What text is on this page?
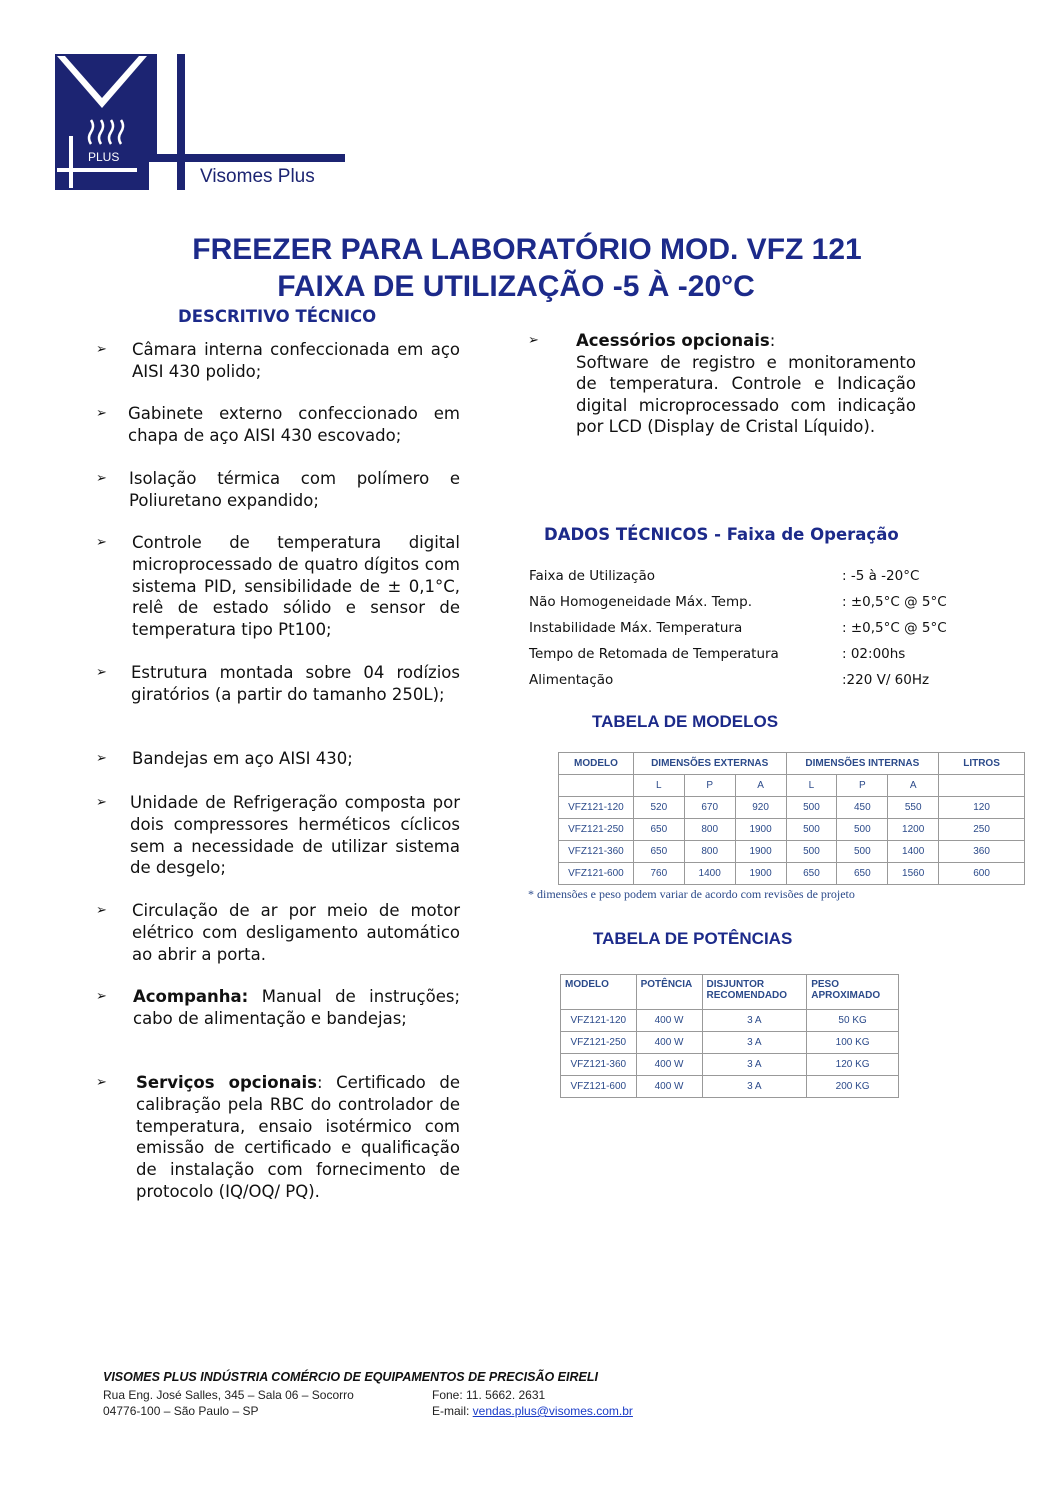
PLUS
Visomes Plus
FREEZER PARA LABORATÓRIO MOD. VFZ 121
FAIXA DE UTILIZAÇÃO -5 À -20°C
DESCRITIVO TÉCNICO
➢ Câmara interna confeccionada em aço AISI 430 polido;
➢ Gabinete externo confeccionado em chapa de aço AISI 430 escovado;
➢ Isolação térmica com polímero e Poliuretano expandido;
➢ Controle de temperatura digital microprocessado de quatro dígitos com sistema PID, sensibilidade de ± 0,1°C, relê de estado sólido e sensor de temperatura tipo Pt100;
➢ Estrutura montada sobre 04 rodízios giratórios (a partir do tamanho 250L);
➢ Bandejas em aço AISI 430;
➢ Unidade de Refrigeração composta por dois compressores herméticos cíclicos sem a necessidade de utilizar sistema de desgelo;
➢ Circulação de ar por meio de motor elétrico com desligamento automático ao abrir a porta.
➢ Acompanha: Manual de instruções; cabo de alimentação e bandejas;
➢ Serviços opcionais: Certificado de calibração pela RBC do controlador de temperatura, ensaio isotérmico com emissão de certificado e qualificação de instalação com fornecimento de protocolo (IQ/OQ/ PQ).
➢ Acessórios opcionais:
Software de registro e monitoramento de temperatura. Controle e Indicação digital microprocessado com indicação por LCD (Display de Cristal Líquido).
DADOS TÉCNICOS - Faixa de Operação
Faixa de Utilização	: -5 à -20°C
Não Homogeneidade Máx. Temp.	: ±0,5°C @ 5°C
Instabilidade Máx. Temperatura	: ±0,5°C @ 5°C
Tempo de Retomada de Temperatura	: 02:00hs
Alimentação	:220 V/ 60Hz
TABELA DE MODELOS
MODELO	DIMENSÕES EXTERNAS			DIMENSÕES INTERNAS			LITROS
	L	P	A	L	P	A	
VFZ121-120	520	670	920	500	450	550	120
VFZ121-250	650	800	1900	500	500	1200	250
VFZ121-360	650	800	1900	500	500	1400	360
VFZ121-600	760	1400	1900	650	650	1560	600
* dimensões e peso podem variar de acordo com revisões de projeto
TABELA DE POTÊNCIAS
MODELO	POTÊNCIA	DISJUNTOR RECOMENDADO	PESO APROXIMADO
VFZ121-120	400 W	3 A	50 KG
VFZ121-250	400 W	3 A	100 KG
VFZ121-360	400 W	3 A	120 KG
VFZ121-600	400 W	3 A	200 KG
VISOMES PLUS INDÚSTRIA COMÉRCIO DE EQUIPAMENTOS DE PRECISÃO EIRELI
Rua Eng. José Salles, 345 – Sala 06 – Socorro
04776-100 – São Paulo – SP
Fone: 11. 5662. 2631
E-mail: vendas.plus@visomes.com.br
